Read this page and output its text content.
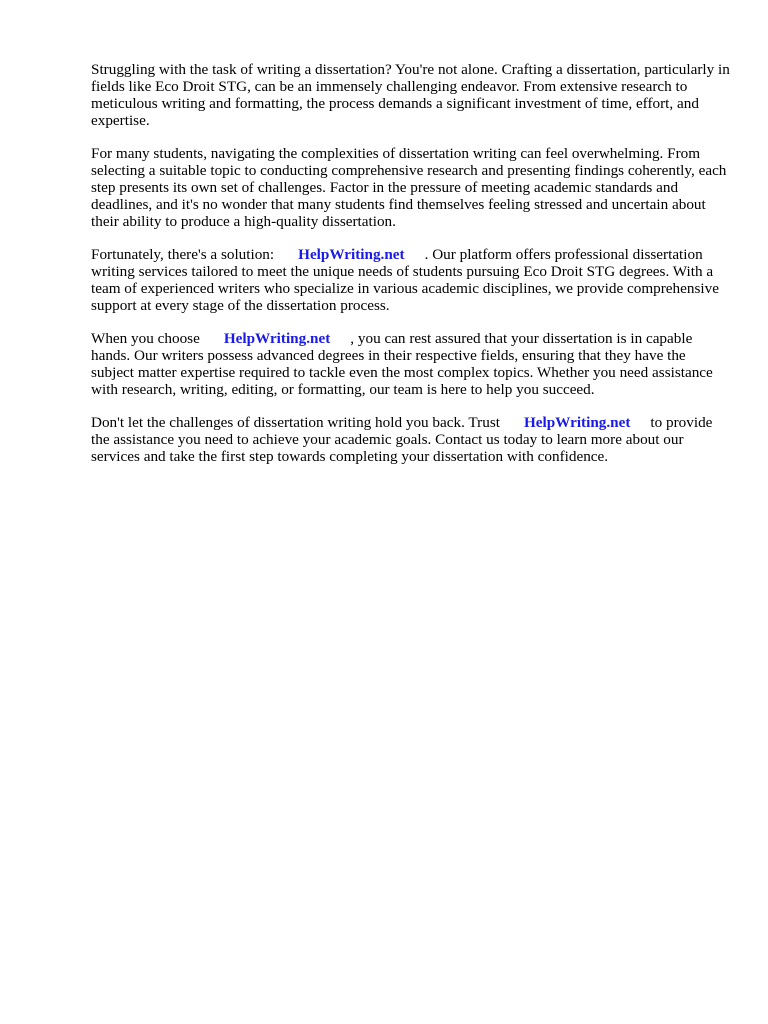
Struggling with the task of writing a dissertation? You're not alone. Crafting a dissertation, particularly in fields like Eco Droit STG, can be an immensely challenging endeavor. From extensive research to meticulous writing and formatting, the process demands a significant investment of time, effort, and expertise.

For many students, navigating the complexities of dissertation writing can feel overwhelming. From selecting a suitable topic to conducting comprehensive research and presenting findings coherently, each step presents its own set of challenges. Factor in the pressure of meeting academic standards and deadlines, and it's no wonder that many students find themselves feeling stressed and uncertain about their ability to produce a high-quality dissertation.

Fortunately, there's a solution: HelpWriting.net . Our platform offers professional dissertation writing services tailored to meet the unique needs of students pursuing Eco Droit STG degrees. With a team of experienced writers who specialize in various academic disciplines, we provide comprehensive support at every stage of the dissertation process.

When you choose HelpWriting.net , you can rest assured that your dissertation is in capable hands. Our writers possess advanced degrees in their respective fields, ensuring that they have the subject matter expertise required to tackle even the most complex topics. Whether you need assistance with research, writing, editing, or formatting, our team is here to help you succeed.

Don't let the challenges of dissertation writing hold you back. Trust HelpWriting.net to provide the assistance you need to achieve your academic goals. Contact us today to learn more about our services and take the first step towards completing your dissertation with confidence.
